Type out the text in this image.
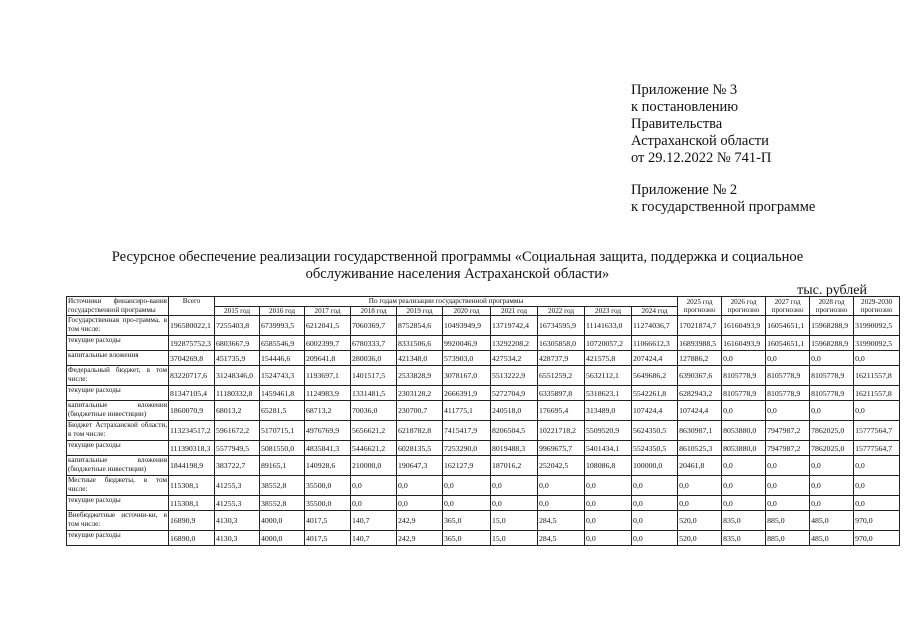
Приложение № 3
к постановлению
Правительства
Астраханской области
от 29.12.2022 № 741-П
Приложение № 2
к государственной программе
Ресурсное обеспечение реализации государственной программы «Социальная защита, поддержка и социальное
обслуживание населения Астраханской области»
тыс. рублей
Источники финансиро-вания государственной программы	Всего	По годам реализации государственной программы										2025 год прогнозно	2026 год прогнозно	2027 год прогнозно	2028 год прогнозно	2029-2030 прогнозно
		2015 год	2016 год	2017 год	2018 год	2019 год	2020 год	2021 год	2022 год	2023 год	2024 год					
Государственная про-грамма, в том числе:	196580022,1	7255403,8	6739993,5	6212041,5	7060369,7	8752854,6	10493949,9	13719742,4	16734595,9	11141633,0	11274036,7	17021874,7	16160493,9	16054651,1	15968288,9	31990092,5
текущие расходы	192875752,3	6803667,9	6585546,9	6002399,7	6780333,7	8331506,6	9920046,9	13292208,2	16305858,0	10720057,2	11066612,3	16893988,5	16160493,9	16054651,1	15968288,9	31990092,5
капитальные вложения	3704269,8	451735,9	154446,6	209641,8	280036,0	421348,0	573903,0	427534,2	428737,9	421575,8	207424,4	127886,2	0,0	0,0	0,0	0,0
Федеральный бюджет, в том числе:	83220717,6	31248346,0	1524743,3	1193697,1	1401517,5	2533828,9	3078167,0	5513222,9	6551259,2	5632112,1	5649686,2	6390367,6	8105778,9	8105778,9	8105778,9	16211557,8
текущие расходы	81347105,4	11180332,8	1459461,8	1124983,9	1331481,5	2303128,2	2666391,9	5272704,9	6335897,8	5318623,1	5542261,8	6282943,2	8105778,9	8105778,9	8105778,9	16211557,8
капитальные вложения (бюджетные инвестиции)	1860070,9	68013,2	65281,5	68713,2	70036,0	230700,7	411775,1	240518,0	176695,4	313489,0	107424,4	107424,4	0,0	0,0	0,0	0,0
Бюджет Астраханской области, в том числе:	113234517,2	5961672,2	5170715,1	4976769,9	5656621,2	6218782,8	7415417,9	8206504,5	10221718,2	5509520,9	5624350,5	8630987,1	8053880,0	7947987,2	7862025,0	15777564,7
текущие расходы	111390318,3	5577949,5	5081550,0	4835841,3	5446621,2	6028135,5	7253290,0	8019488,3	9969675,7	5401434,1	5524350,5	8610525,3	8053880,0	7947987,2	7862025,0	15777564,7
капитальные вложения (бюджетные инвестиции)	1844198,9	383722,7	89165,1	140928,6	210000,0	190647,3	162127,9	187016,2	252042,5	108086,8	100000,0	20461,8	0,0	0,0	0,0	0,0
Местные бюджеты, в том числе:	115308,1	41255,3	38552,8	35500,0	0,0	0,0	0,0	0,0	0,0	0,0	0,0	0,0	0,0	0,0	0,0	0,0
текущие расходы	115308,1	41255,3	38552,8	35500,0	0,0	0,0	0,0	0,0	0,0	0,0	0,0	0,0	0,0	0,0	0,0	0,0
Внебюджетные источни-ки, в том числе:	16890,9	4130,3	4000,0	4017,5	140,7	242,9	365,0	15,0	284,5	0,0	0,0	520,0	835,0	885,0	485,0	970,0
текущие расходы	16890,0	4130,3	4000,0	4017,5	140,7	242,9	365,0	15,0	284,5	0,0	0,0	520,0	835,0	885,0	485,0	970,0
